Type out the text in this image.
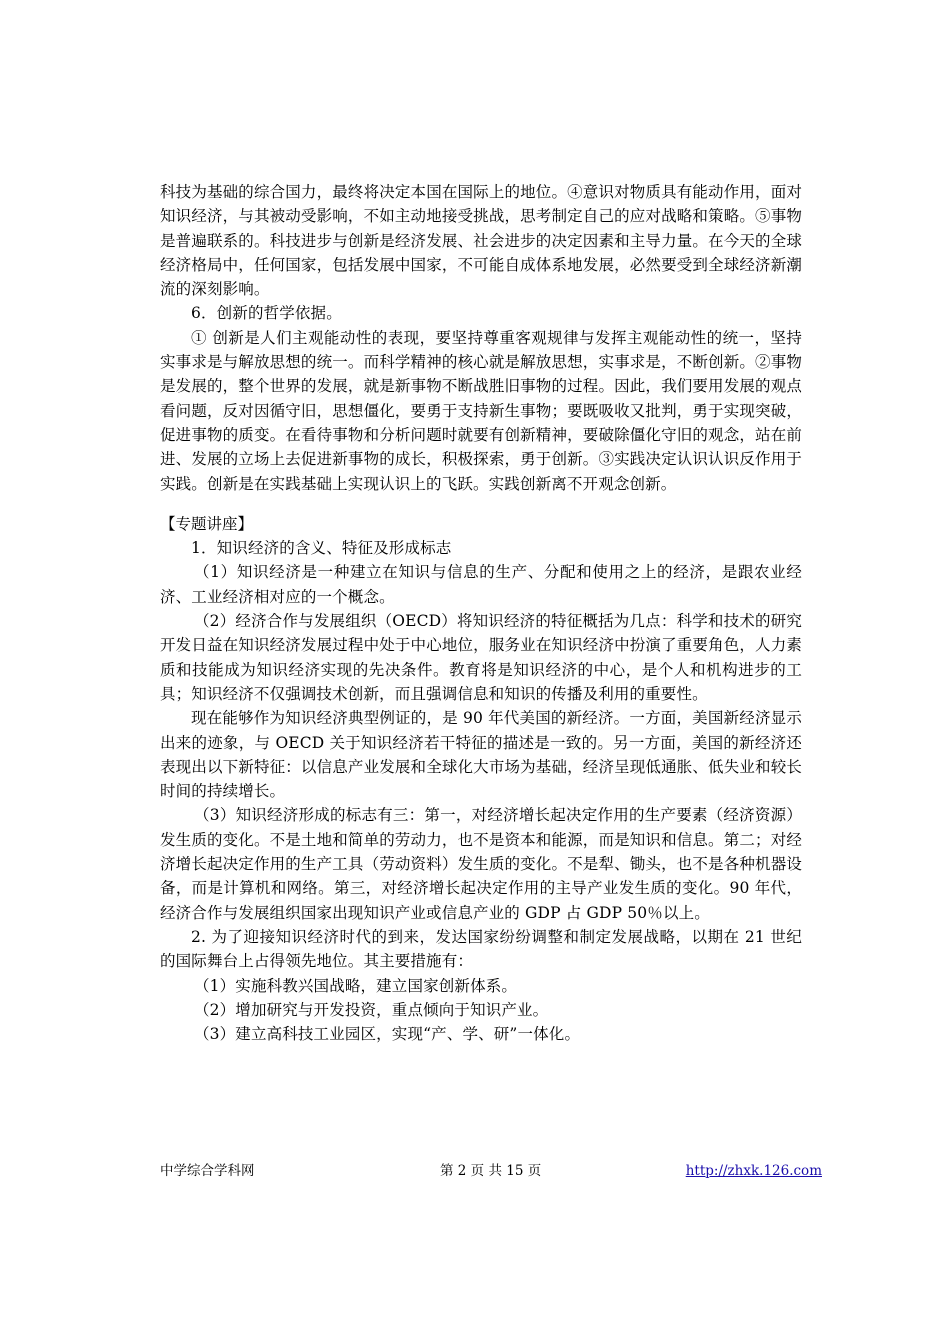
科技为基础的综合国力，最终将决定本国在国际上的地位。④意识对物质具有能动作用，面对知识经济，与其被动受影响，不如主动地接受挑战，思考制定自己的应对战略和策略。⑤事物是普遍联系的。科技进步与创新是经济发展、社会进步的决定因素和主导力量。在今天的全球经济格局中，任何国家，包括发展中国家，不可能自成体系地发展，必然要受到全球经济新潮流的深刻影响。

6．创新的哲学依据。

① 创新是人们主观能动性的表现，要坚持尊重客观规律与发挥主观能动性的统一，坚持实事求是与解放思想的统一。而科学精神的核心就是解放思想，实事求是，不断创新。②事物是发展的，整个世界的发展，就是新事物不断战胜旧事物的过程。因此，我们要用发展的观点看问题，反对因循守旧，思想僵化，要勇于支持新生事物；要既吸收又批判，勇于实现突破，促进事物的质变。在看待事物和分析问题时就要有创新精神，要破除僵化守旧的观念，站在前进、发展的立场上去促进新事物的成长，积极探索，勇于创新。③实践决定认识认识反作用于实践。创新是在实践基础上实现认识上的飞跃。实践创新离不开观念创新。

【专题讲座】

1．知识经济的含义、特征及形成标志

（1）知识经济是一种建立在知识与信息的生产、分配和使用之上的经济，是跟农业经济、工业经济相对应的一个概念。

（2）经济合作与发展组织（OECD）将知识经济的特征概括为几点：科学和技术的研究开发日益在知识经济发展过程中处于中心地位，服务业在知识经济中扮演了重要角色，人力素质和技能成为知识经济实现的先决条件。教育将是知识经济的中心，是个人和机构进步的工具；知识经济不仅强调技术创新，而且强调信息和知识的传播及利用的重要性。

现在能够作为知识经济典型例证的，是 90 年代美国的新经济。一方面，美国新经济显示出来的迹象，与 OECD 关于知识经济若干特征的描述是一致的。另一方面，美国的新经济还表现出以下新特征：以信息产业发展和全球化大市场为基础，经济呈现低通胀、低失业和较长时间的持续增长。

（3）知识经济形成的标志有三：第一，对经济增长起决定作用的生产要素（经济资源）发生质的变化。不是土地和简单的劳动力，也不是资本和能源，而是知识和信息。第二；对经济增长起决定作用的生产工具（劳动资料）发生质的变化。不是犁、锄头，也不是各种机器设备，而是计算机和网络。第三，对经济增长起决定作用的主导产业发生质的变化。90 年代，经济合作与发展组织国家出现知识产业或信息产业的 GDP 占 GDP 50％以上。

2. 为了迎接知识经济时代的到来，发达国家纷纷调整和制定发展战略，以期在 21 世纪的国际舞台上占得领先地位。其主要措施有：

（1）实施科教兴国战略，建立国家创新体系。

（2）增加研究与开发投资，重点倾向于知识产业。

（3）建立高科技工业园区，实现“产、学、研”一体化。

中学综合学科网	第 2 页 共 15 页	http://zhxk.126.com
